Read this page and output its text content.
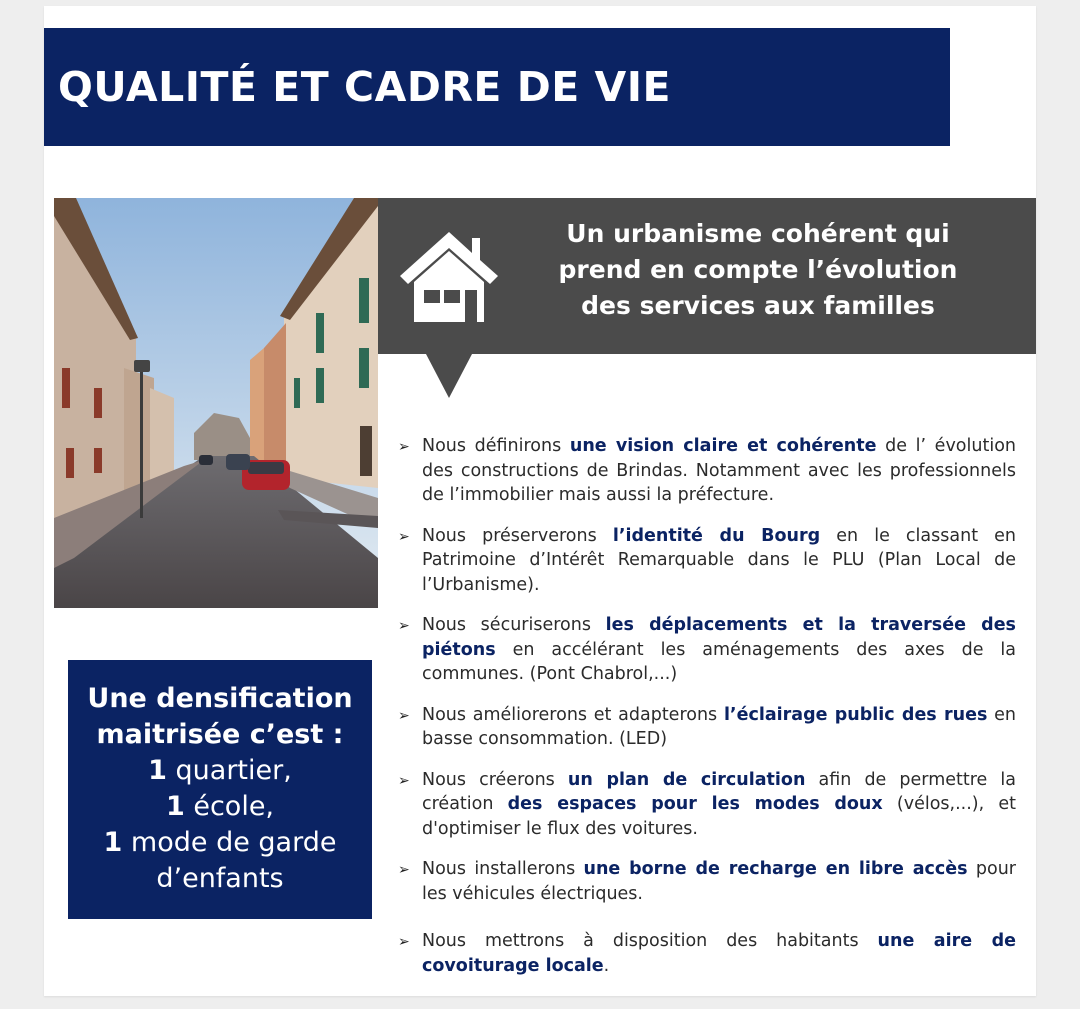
QUALITÉ ET CADRE DE VIE
Un urbanisme cohérent qui
prend en compte l’évolution
des services aux familles
Une densification
maitrisée c’est :
1 quartier,
1 école,
1 mode de garde
d’enfants
➢ Nous définirons une vision claire et cohérente de l’ évolution des constructions de Brindas. Notamment avec les professionnels de l’immobilier mais aussi la préfecture.
➢ Nous préserverons l’identité du Bourg en le classant en Patrimoine d’Intérêt Remarquable dans le PLU (Plan Local de l’Urbanisme).
➢ Nous sécuriserons les déplacements et la traversée des piétons en accélérant les aménagements des axes de la communes. (Pont Chabrol,...)
➢ Nous améliorerons et adapterons l’éclairage public des rues en basse consommation. (LED)
➢ Nous créerons un plan de circulation afin de permettre la création des espaces pour les modes doux (vélos,...), et d'optimiser le flux des voitures.
➢ Nous installerons une borne de recharge en libre accès pour les véhicules électriques.
➢ Nous mettrons à disposition des habitants une aire de covoiturage locale.
